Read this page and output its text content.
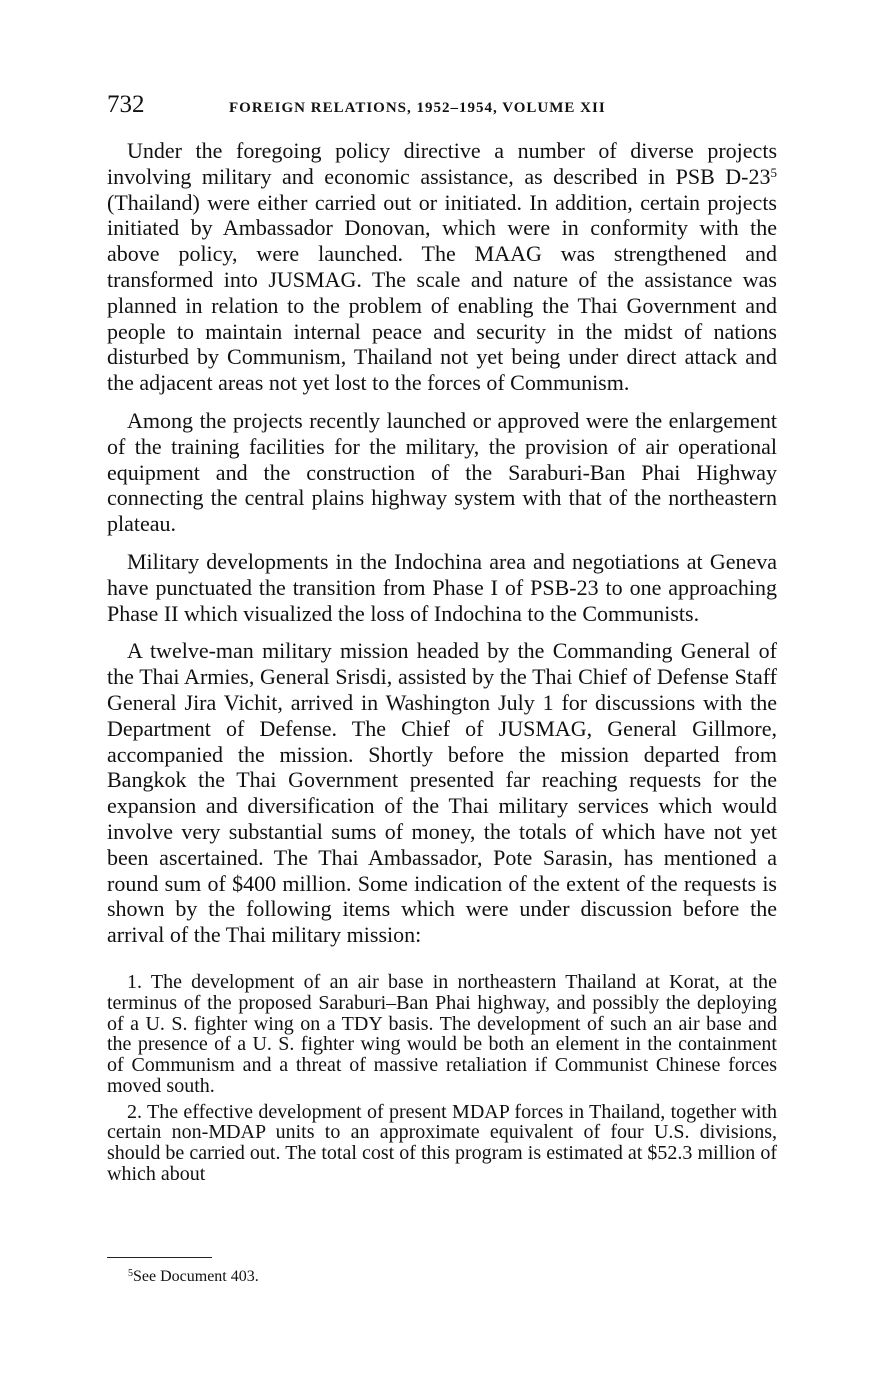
732	FOREIGN RELATIONS, 1952–1954, VOLUME XII

Under the foregoing policy directive a number of diverse projects involving military and economic assistance, as described in PSB $D-23^5$ (Thailand) were either carried out or initiated. In addition, certain projects initiated by Ambassador Donovan, which were in conformity with the above policy, were launched. The MAAG was strengthened and transformed into JUSMAG. The scale and nature of the assistance was planned in relation to the problem of enabling the Thai Government and people to maintain internal peace and security in the midst of nations disturbed by Communism, Thailand not yet being under direct attack and the adjacent areas not yet lost to the forces of Communism.

Among the projects recently launched or approved were the enlargement of the training facilities for the military, the provision of air operational equipment and the construction of the Saraburi-Ban Phai Highway connecting the central plains highway system with that of the northeastern plateau.

Military developments in the Indochina area and negotiations at Geneva have punctuated the transition from Phase I of PSB-23 to one approaching Phase II which visualized the loss of Indochina to the Communists.

A twelve-man military mission headed by the Commanding General of the Thai Armies, General Srisdi, assisted by the Thai Chief of Defense Staff General Jira Vichit, arrived in Washington July 1 for discussions with the Department of Defense. The Chief of JUSMAG, General Gillmore, accompanied the mission. Shortly before the mission departed from Bangkok the Thai Government presented far reaching requests for the expansion and diversification of the Thai military services which would involve very substantial sums of money, the totals of which have not yet been ascertained. The Thai Ambassador, Pote Sarasin, has mentioned a round sum of $400 million. Some indication of the extent of the requests is shown by the following items which were under discussion before the arrival of the Thai military mission:

1. The development of an air base in northeastern Thailand at Korat, at the terminus of the proposed Saraburi–Ban Phai highway, and possibly the deploying of a U. S. fighter wing on a TDY basis. The development of such an air base and the presence of a U. S. fighter wing would be both an element in the containment of Communism and a threat of massive retaliation if Communist Chinese forces moved south.

2. The effective development of present MDAP forces in Thailand, together with certain non-MDAP units to an approximate equivalent of four U.S. divisions, should be carried out. The total cost of this program is estimated at $52.3 million of which about

$^5$See Document 403.
